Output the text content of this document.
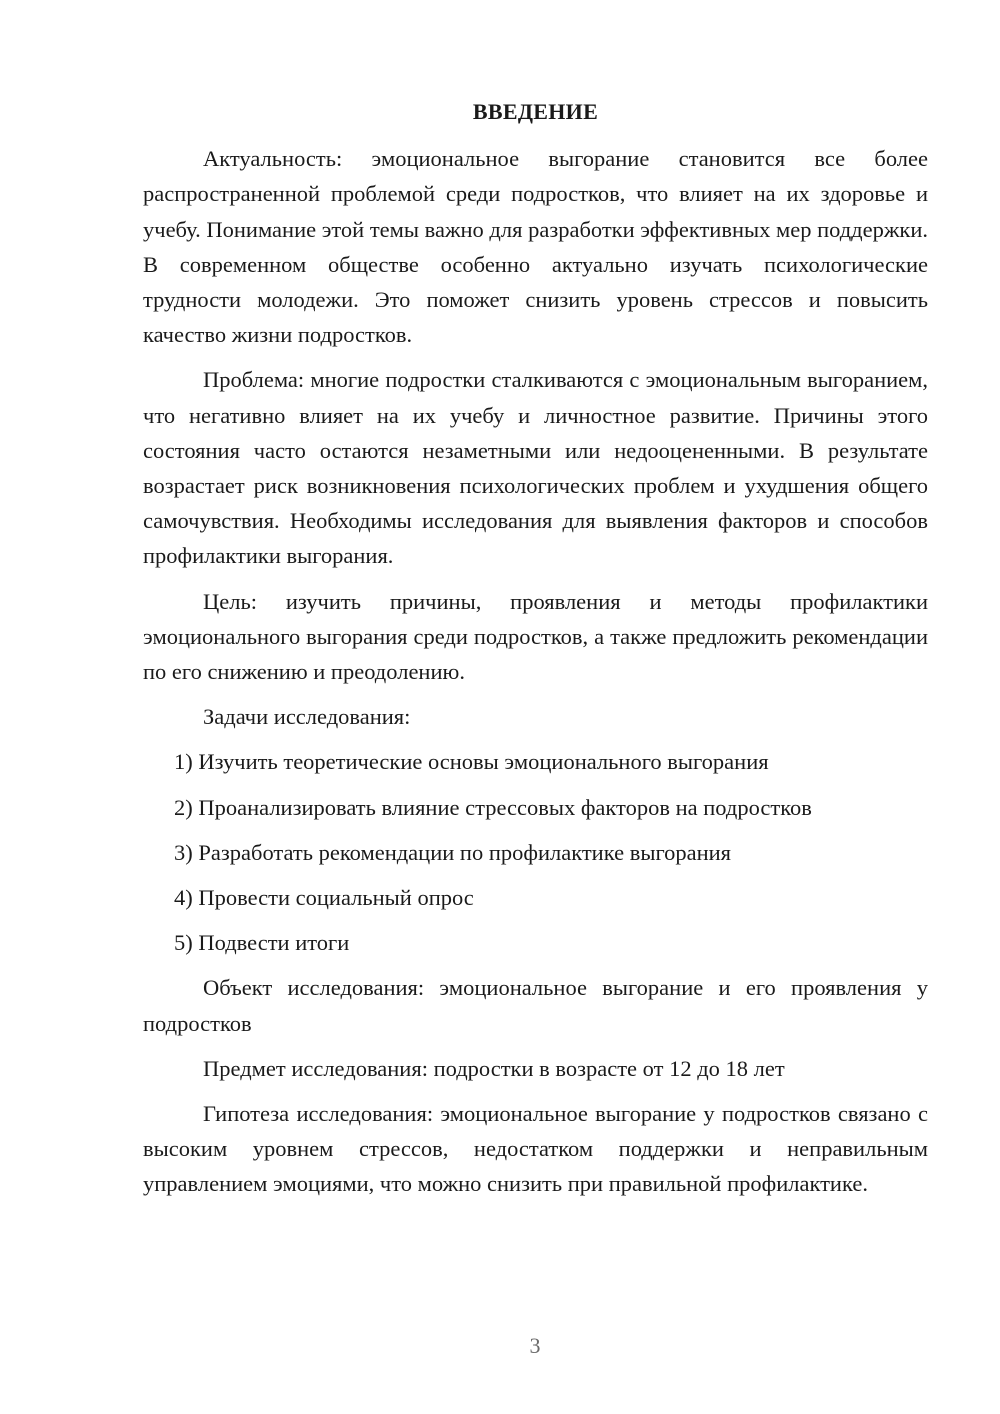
ВВЕДЕНИЕ

Актуальность: эмоциональное выгорание становится все более распространенной проблемой среди подростков, что влияет на их здоровье и учебу. Понимание этой темы важно для разработки эффективных мер поддержки. В современном обществе особенно актуально изучать психологические трудности молодежи. Это поможет снизить уровень стрессов и повысить качество жизни подростков.

Проблема: многие подростки сталкиваются с эмоциональным выгоранием, что негативно влияет на их учебу и личностное развитие. Причины этого состояния часто остаются незаметными или недооцененными. В результате возрастает риск возникновения психологических проблем и ухудшения общего самочувствия. Необходимы исследования для выявления факторов и способов профилактики выгорания.

Цель: изучить причины, проявления и методы профилактики эмоционального выгорания среди подростков, а также предложить рекомендации по его снижению и преодолению.

Задачи исследования:

1) Изучить теоретические основы эмоционального выгорания

2) Проанализировать влияние стрессовых факторов на подростков

3) Разработать рекомендации по профилактике выгорания

4) Провести социальный опрос

5) Подвести итоги

Объект исследования: эмоциональное выгорание и его проявления у подростков

Предмет исследования: подростки в возрасте от 12 до 18 лет

Гипотеза исследования: эмоциональное выгорание у подростков связано с высоким уровнем стрессов, недостатком поддержки и неправильным управлением эмоциями, что можно снизить при правильной профилактике.

3
